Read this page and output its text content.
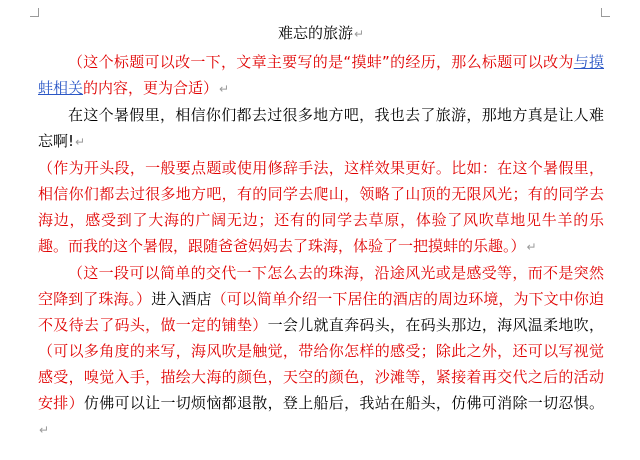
难忘的旅游↵

（这个标题可以改一下，文章主要写的是“摸蚌”的经历，那么标题可以改为与摸蚌相关的内容，更为合适）↵

在这个暑假里，相信你们都去过很多地方吧，我也去了旅游，那地方真是让人难忘啊!↵

（作为开头段，一般要点题或使用修辞手法，这样效果更好。比如：在这个暑假里，相信你们都去过很多地方吧，有的同学去爬山，领略了山顶的无限风光；有的同学去海边，感受到了大海的广阔无边；还有的同学去草原，体验了风吹草地见牛羊的乐趣。而我的这个暑假，跟随爸爸妈妈去了珠海，体验了一把摸蚌的乐趣。）↵

（这一段可以简单的交代一下怎么去的珠海，沿途风光或是感受等，而不是突然空降到了珠海。）进入酒店（可以简单介绍一下居住的酒店的周边环境，为下文中你迫不及待去了码头，做一定的铺垫）一会儿就直奔码头，在码头那边，海风温柔地吹，（可以多角度的来写，海风吹是触觉，带给你怎样的感受；除此之外，还可以写视觉感受，嗅觉入手，描绘大海的颜色，天空的颜色，沙滩等，紧接着再交代之后的活动安排）仿佛可以让一切烦恼都退散，登上船后，我站在船头，仿佛可消除一切忍惧。↵
